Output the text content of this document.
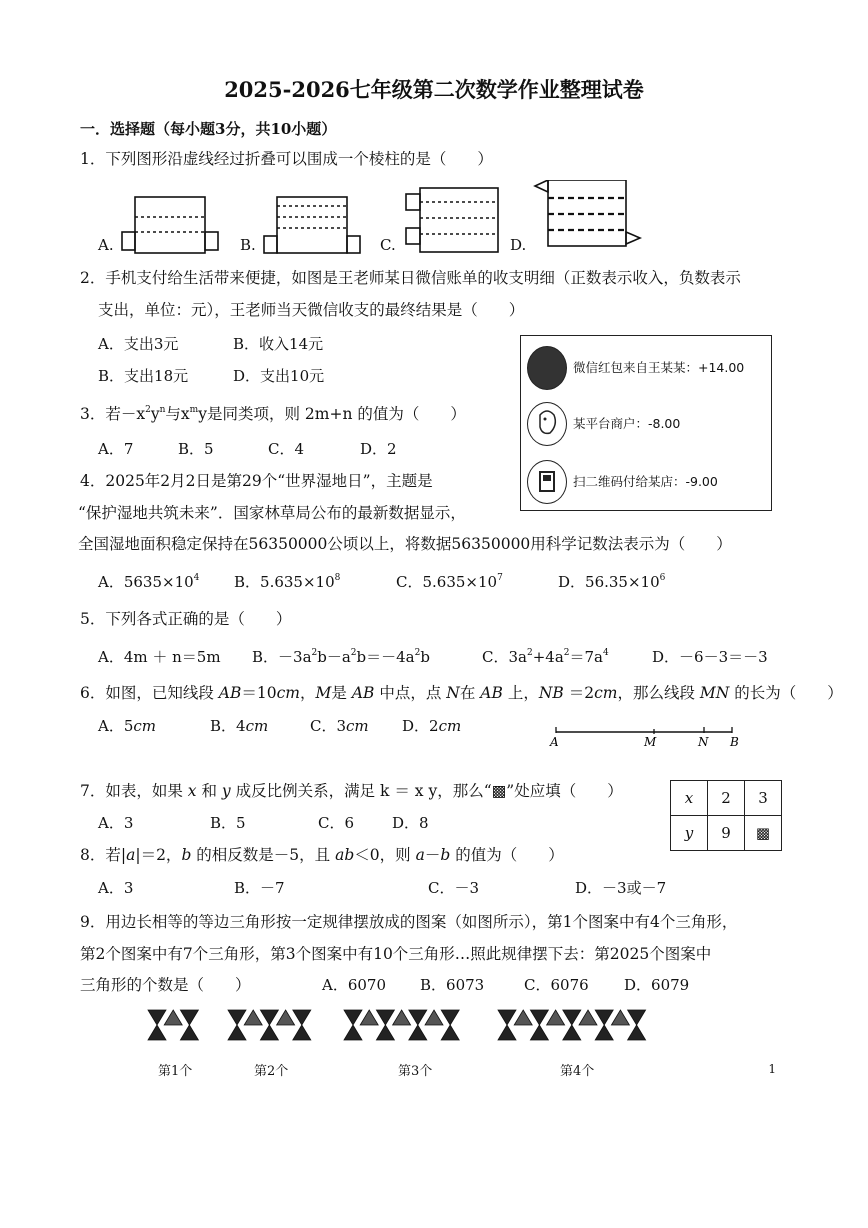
2025-2026七年级第二次数学作业整理试卷
一．选择题（每小题3分，共10小题）
1．下列图形沿虚线经过折叠可以围成一个棱柱的是（　　）
A.	B.	C.	D.
2．手机支付给生活带来便捷，如图是王老师某日微信账单的收支明细（正数表示收入，负数表示
支出，单位：元），王老师当天微信收支的最终结果是（　　）
A．支出3元	B．收入14元
B．支出18元	D．支出10元	微信红包来自王某某：+14.00
某平台商户：-8.00
扫二维码付给某店：-9.00
3．若$-x^2y^n$与$x^my$是同类项，则 2m+n 的值为（　　）
A．7	B．5	C．4	D．2
4．2025年2月2日是第29个“世界湿地日”，主题是
“保护湿地共筑未来”．国家林草局公布的最新数据显示，
全国湿地面积稳定保持在56350000公顷以上，将数据56350000用科学记数法表示为（　　）
A．$5635\times 10^4$ B．$5.635\times 10^8$	C．$5.635\times 10^7$	D．$56.35\times 10^6$
5．下列各式正确的是（　　）
A．4m ＋ n＝5m B．$-3a^2b-a^2b=-4a^2b$	C．$3a^2+4a^2=7a^4$	D．－6－3＝－3
6．如图，已知线段 AB＝10cm，M是 AB 中点，点 N在 AB 上，NB ＝2cm，那么线段 MN 的长为（　　）
A．5cm	B．4cm	C．3cm D．2cm
A	M	N B
7．如表，如果 x 和 y 成反比例关系，满足 k ＝ x y，那么“▩”处应填（　　）
A．3	B．5	C．6	D．8
x	2	3
y	9	▩
8．若|a|＝2，b 的相反数是－5，且 ab＜0，则 a－b 的值为（　　）
A．3	B．－7	C．－3	D．－3或－7
9．用边长相等的等边三角形按一定规律摆放成的图案（如图所示），第1个图案中有4个三角形，
第2个图案中有7个三角形，第3个图案中有10个三角形…照此规律摆下去：第2025个图案中
三角形的个数是（　　）	A．6070 B．6073	C．6076 D．6079
第1个	第2个	第3个	第4个	1
